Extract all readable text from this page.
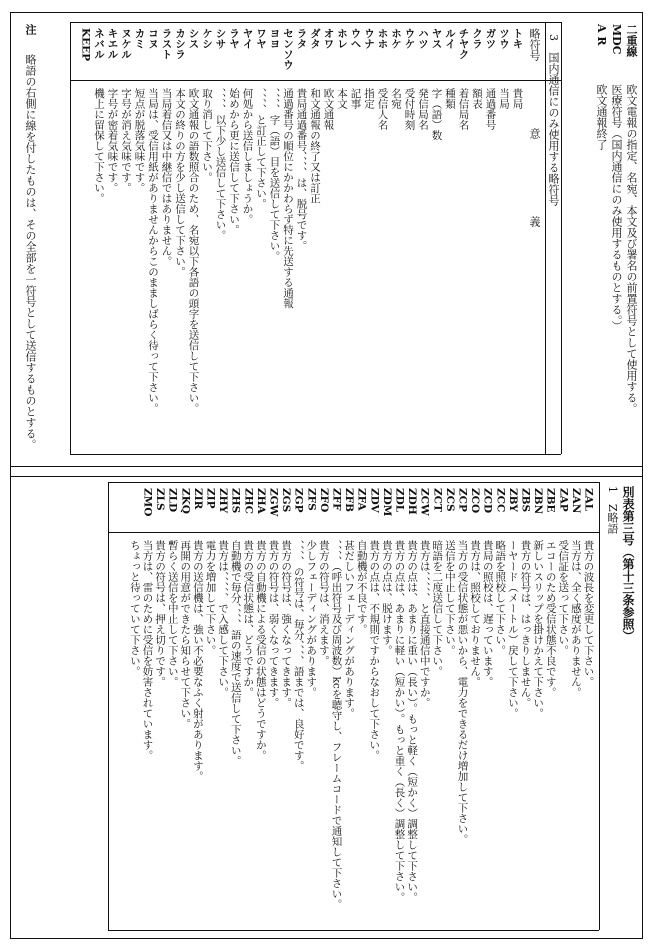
二重線
欧文電報の指定、名宛、本文及び署名の前置符号として使用する。
MDC
医療符号（国内通信にのみ使用するものとする。）
A R
欧文通報終了
3　国内通信にのみ使用する略符号
略符号
意　　　　　　　義
トキ
貴局
ツウ
当局
ガツ
通過番号
クラ
額表
チヤク
着信局名
ルイ
種類
ヤス
字（語）数
ハツ
発信局名
ウケ
受付時刻
ホケ
名宛
ホホ
受信人名
ウナ
指定
ウへ
記事
ホレ
本文
オワ
欧文通報
ダタ
和文通報の終了又は訂正
ラタ
貴局通過番号、、、、は、脱号です。
センソウ
通過番号の順位にかかわらず特に先送する通報
ヨヨ
、、、、字（語）目を送信して下さい。
ワヤ
、、、、と訂正して下さい。
ヤイ
何処から送信しましょうか。
ラヤ
始めから更に送信して下さい。
シサ
、、、、以下少し送信して下さい。
ケシ
取り消して下さい。
シス
欧文通報の語数照合のため、名宛以下各語の頭字を送信して下さい。
カシラ
本文の終りの方を少し送信して下さい。
ラスト
当局着信又は中継信ではありません。
コヌ
当局は、受信用紙がありませんからこのまましばらく待って下さい。
カミ
短点が脱落気味です。
ヌケル
字号が消え気味です。
キエル
字号が密着気味です。
ネバル
機上に留保して下さい。
KEEP
注
略語の右側に線を付したものは、その全部を一符号として送信するものとする。
別表第三号（第十三条参照）
1　Z略語
ZAL
貴方の波長を変更して下さい。
ZAN
当方は、全く感度がありません。
ZAP
受信証を送って下さい。
ZBE
エコーのため受信状態不良です。
ZBN
新しいスリップを掛けかえて下さい。
ZBS
貴方の符号は、はっきりしません。
ZBY
ーヤード（メートル）戻して下さい。
ZCC
略語を照校して下さい。
ZCD
貴局の照校は、遅っています。
ZCO
貴方は、照校しておりません。
ZCP
当方の受信状態が悪いから、電力をできるだけ増加して下さい。
ZCS
送信を中止して下さい。
ZCT
暗語を二度送信して下さい。
ZCW
貴方は、、、、、と直接通信中ですか。
ZDH
貴方の点は、あまりに重い（長い）。もっと軽く（短かく）調整して下さい。
ZDL
貴方の点は、あまりに軽い（短かい）。もっと重く（長く）調整して下さい。
ZDM
貴方の点は、脱けます。
ZDV
貴方の点は、不規則ですからなおして下さい。
ZFA
自動機が不良です。
ZFB
甚だしいフェーディングがあります。
ZFF
、、、、（呼出符号及び周波数）kcを聴守し、フレームコードで通知して下さい。
ZFO
貴方の符号は、消えます。
ZFS
少しフェーディングがあります。
ZGP
、、、、の符号は、毎分、、、、語までは、良好です。
ZGS
貴方の符号は、強くなってきます。
ZGW
貴方の符号は、弱くなってきます。
ZHA
貴方の自動機による受信の状態はどうですか。
ZHC
貴方の受信状態は、どうですか。
ZHS
自動機で毎分、、、、語の速度で送信して下さい。
ZHY
貴方は、、、、、で入感して下さい。
ZIP
電力を増加して下さい。
ZIR
貴方の送信機は、強い不必要なふく射があります。
ZKQ
再開の用意ができたら知らせて下さい。
ZLD
暫らく送信を中止して下さい。
ZLS
貴方の符号は、押え切りです。
ZMO
当方は、雷のために受信を妨害されています。
ちょっと待っていて下さい。
